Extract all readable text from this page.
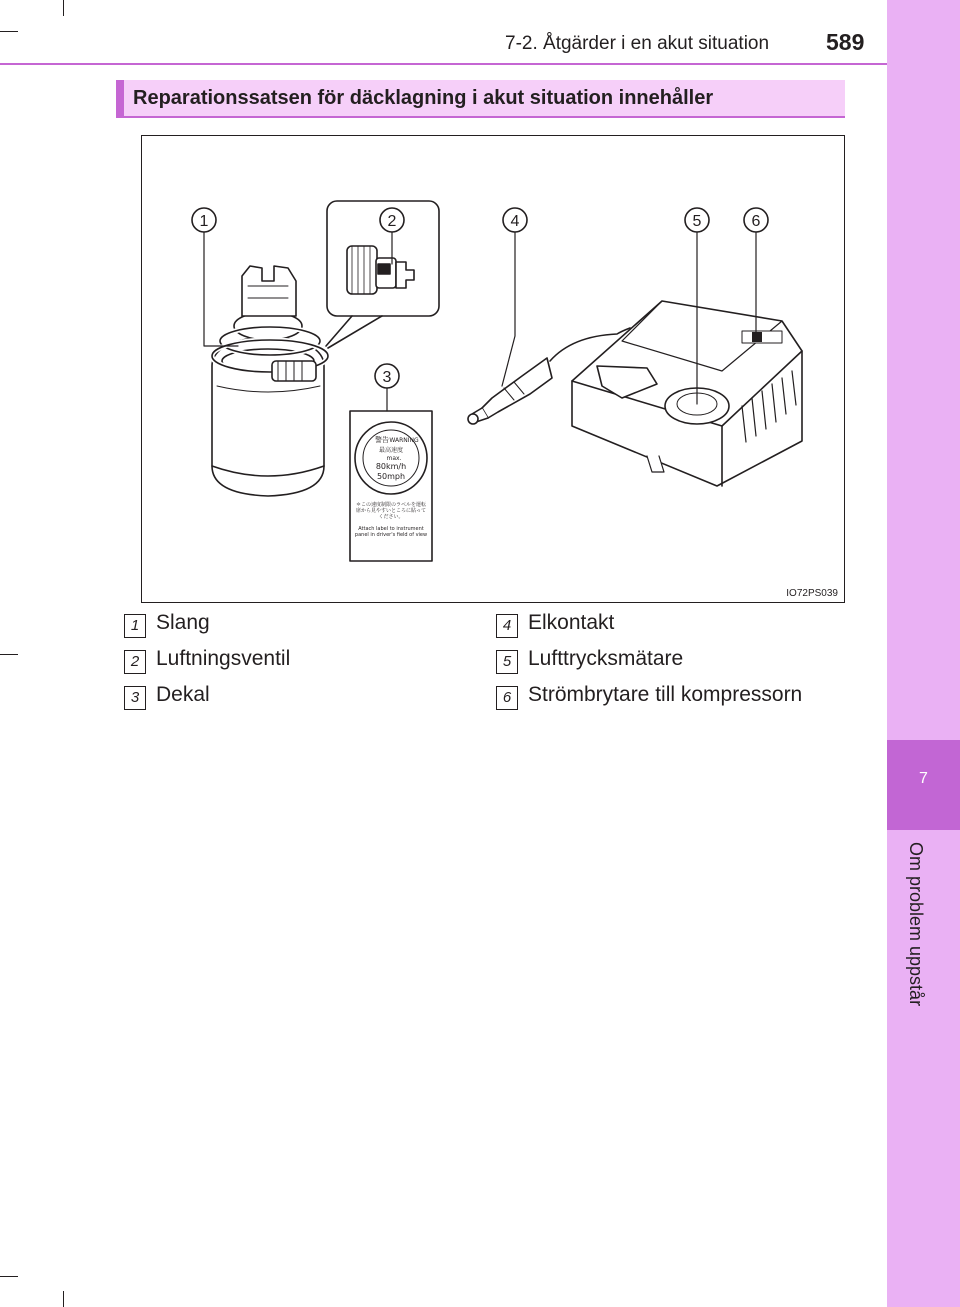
7-2. Åtgärder i en akut situation 589
7
Om problem uppstår
Reparationssatsen för däcklagning i akut situation innehåller
1	2
3
4	5	6
警告 WARNING
最高速度
max.
80km/h
50mph
＊この速度制限のラベルを運転席から見やすいところに貼ってください。
Attach label to instrument panel in driver's field of view
IO72PS039
1 Slang
2 Luftningsventil
3 Dekal
4 Elkontakt
5 Lufttrycksmätare
6 Strömbrytare till kompressorn
